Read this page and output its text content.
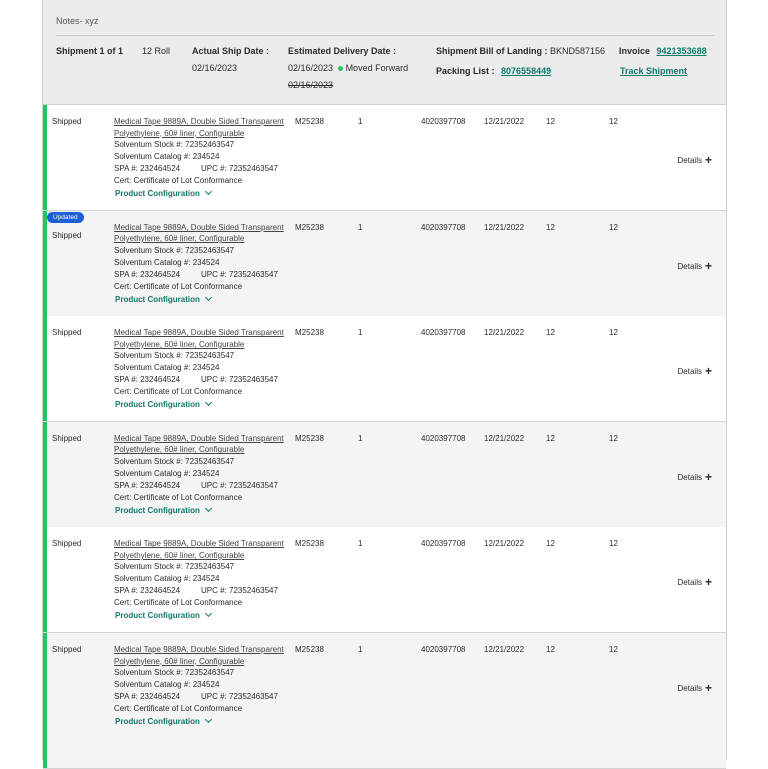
Notes- xyz
Shipment 1 of 1 12 Roll Actual Ship Date :
02/16/2023
Estimated Delivery Date :
02/16/2023 Moved Forward
02/16/2023
Shipment Bill of Landing : BKND587156
Packing List : 8076558449
Invoice 9421353688
Track Shipment
Shipped	Medical Tape 9889A, Double Sided Transparent Polyethylene, 60# liner, Configurable
Solventum Stock #: 72352463547
Solventum Catalog #: 234524
SPA #: 232464524	UPC #: 72352463547
Cert: Certificate of Lot Conformance
Product Configuration
M25238	1	4020397708 12/21/2022	12	12
Details +
Updated
Shipped
Medical Tape 9889A, Double Sided Transparent Polyethylene, 60# liner, Configurable
Solventum Stock #: 72352463547
Solventum Catalog #: 234524
SPA #: 232464524	UPC #: 72352463547
Cert: Certificate of Lot Conformance
Product Configuration
M25238	1	4020397708 12/21/2022	12	12
Details +
Shipped	Medical Tape 9889A, Double Sided Transparent Polyethylene, 60# liner, Configurable
Solventum Stock #: 72352463547
Solventum Catalog #: 234524
SPA #: 232464524	UPC #: 72352463547
Cert: Certificate of Lot Conformance
Product Configuration
M25238	1	4020397708 12/21/2022	12	12
Details +
Shipped	Medical Tape 9889A, Double Sided Transparent Polyethylene, 60# liner, Configurable
Solventum Stock #: 72352463547
Solventum Catalog #: 234524
SPA #: 232464524	UPC #: 72352463547
Cert: Certificate of Lot Conformance
Product Configuration
M25238	1	4020397708 12/21/2022	12	12
Details +
Shipped	Medical Tape 9889A, Double Sided Transparent Polyethylene, 60# liner, Configurable
Solventum Stock #: 72352463547
Solventum Catalog #: 234524
SPA #: 232464524	UPC #: 72352463547
Cert: Certificate of Lot Conformance
Product Configuration
M25238	1	4020397708 12/21/2022	12	12
Details +
Shipped	Medical Tape 9889A, Double Sided Transparent Polyethylene, 60# liner, Configurable
Solventum Stock #: 72352463547
Solventum Catalog #: 234524
SPA #: 232464524	UPC #: 72352463547
Cert: Certificate of Lot Conformance
Product Configuration
M25238	1	4020397708 12/21/2022	12	12
Details +
